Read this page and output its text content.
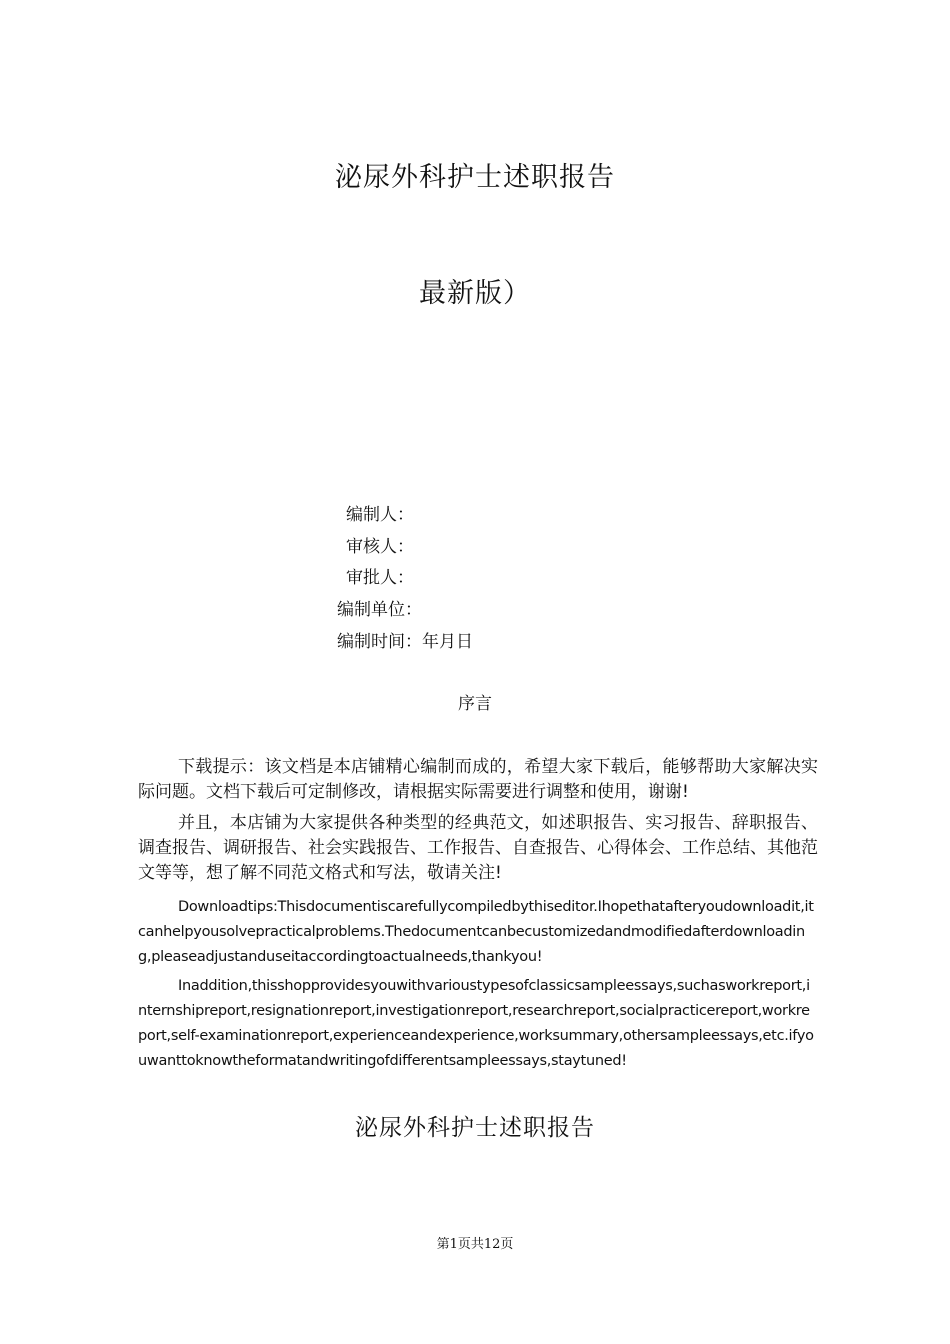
泌尿外科护士述职报告
最新版）
编制人：
审核人：
审批人：
编制单位：
编制时间：年月日
序言
下载提示：该文档是本店铺精心编制而成的，希望大家下载后，能够帮助大家解决实际问题。文档下载后可定制修改，请根据实际需要进行调整和使用，谢谢!
并且，本店铺为大家提供各种类型的经典范文，如述职报告、实习报告、辞职报告、调查报告、调研报告、社会实践报告、工作报告、自查报告、心得体会、工作总结、其他范文等等，想了解不同范文格式和写法，敬请关注!
Downloadtips:Thisdocumentiscarefullycompiledbythiseditor.Ihopethatafteryoudownloadit,itcanhelpyousolvepracticalproblems.Thedocumentcanbecustomizedandmodifiedafterdownloading,pleaseadjustanduseitaccordingtoactualneeds,thankyou!
Inaddition,thisshopprovidesyouwithvarioustypesofclassicsampleessays,suchasworkreport,internshipreport,resignationreport,investigationreport,researchreport,socialpracticereport,workreport,self-examinationreport,experienceandexperience,worksummary,othersampleessays,etc.ifyouwanttoknowtheformatandwritingofdifferentsampleessays,staytuned!
泌尿外科护士述职报告
第1页共12页
